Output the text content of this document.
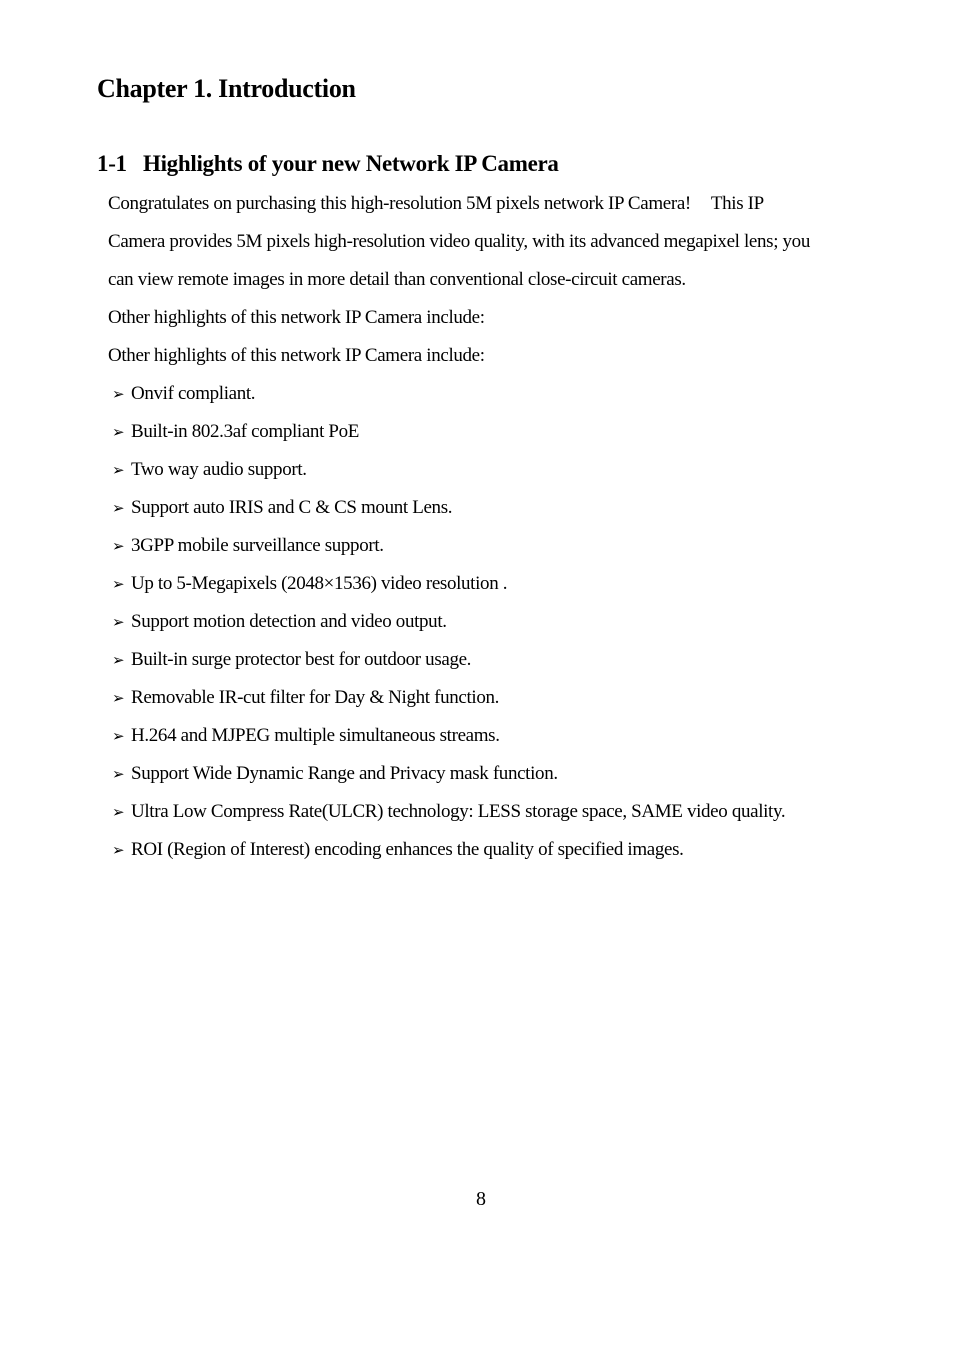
Chapter 1. Introduction
1-1 Highlights of your new Network IP Camera
Congratulates on purchasing this high-resolution 5M pixels network IP Camera! This IP
Camera provides 5M pixels high-resolution video quality, with its advanced megapixel lens; you
can view remote images in more detail than conventional close-circuit cameras.
Other highlights of this network IP Camera include:
Other highlights of this network IP Camera include:
➢ Onvif compliant.
➢ Built-in 802.3af compliant PoE
➢ Two way audio support.
➢ Support auto IRIS and C & CS mount Lens.
➢ 3GPP mobile surveillance support.
➢ Up to 5-Megapixels (2048×1536) video resolution .
➢ Support motion detection and video output.
➢ Built-in surge protector best for outdoor usage.
➢ Removable IR-cut filter for Day & Night function.
➢ H.264 and MJPEG multiple simultaneous streams.
➢ Support Wide Dynamic Range and Privacy mask function.
➢ Ultra Low Compress Rate(ULCR) technology: LESS storage space, SAME video quality.
➢ ROI (Region of Interest) encoding enhances the quality of specified images.
8
